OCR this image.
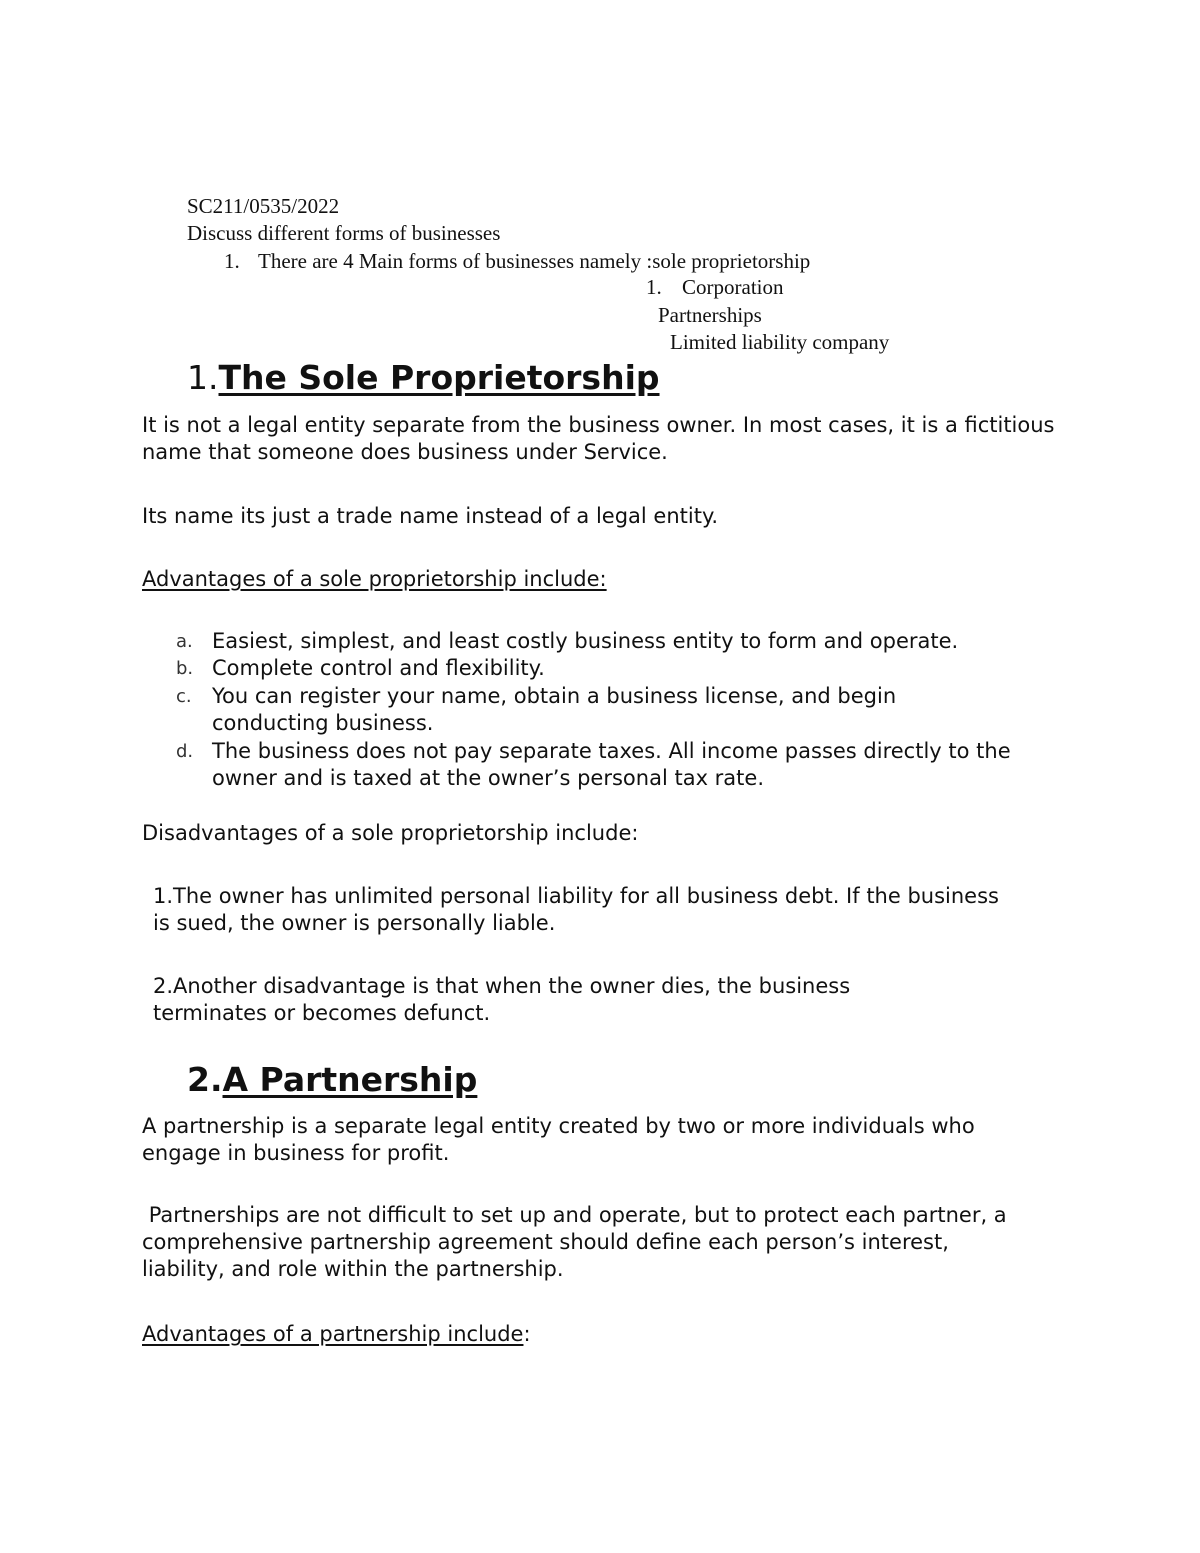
SC211/0535/2022
Discuss different forms of businesses
1. There are 4 Main forms of businesses namely :sole proprietorship
1. Corporation
Partnerships
Limited liability company
1.The Sole Proprietorship
It is not a legal entity separate from the business owner. In most cases, it is a fictitious name that someone does business under Service.
Its name its just a trade name instead of a legal entity.
Advantages of a sole proprietorship include:
a. Easiest, simplest, and least costly business entity to form and operate.
b. Complete control and flexibility.
c. You can register your name, obtain a business license, and begin conducting business.
d. The business does not pay separate taxes. All income passes directly to the owner and is taxed at the owner’s personal tax rate.
Disadvantages of a sole proprietorship include:
1.The owner has unlimited personal liability for all business debt. If the business is sued, the owner is personally liable.
2.Another disadvantage is that when the owner dies, the business terminates or becomes defunct.
2.A Partnership
A partnership is a separate legal entity created by two or more individuals who engage in business for profit.
Partnerships are not difficult to set up and operate, but to protect each partner, a comprehensive partnership agreement should define each person’s interest, liability, and role within the partnership.
Advantages of a partnership include:
